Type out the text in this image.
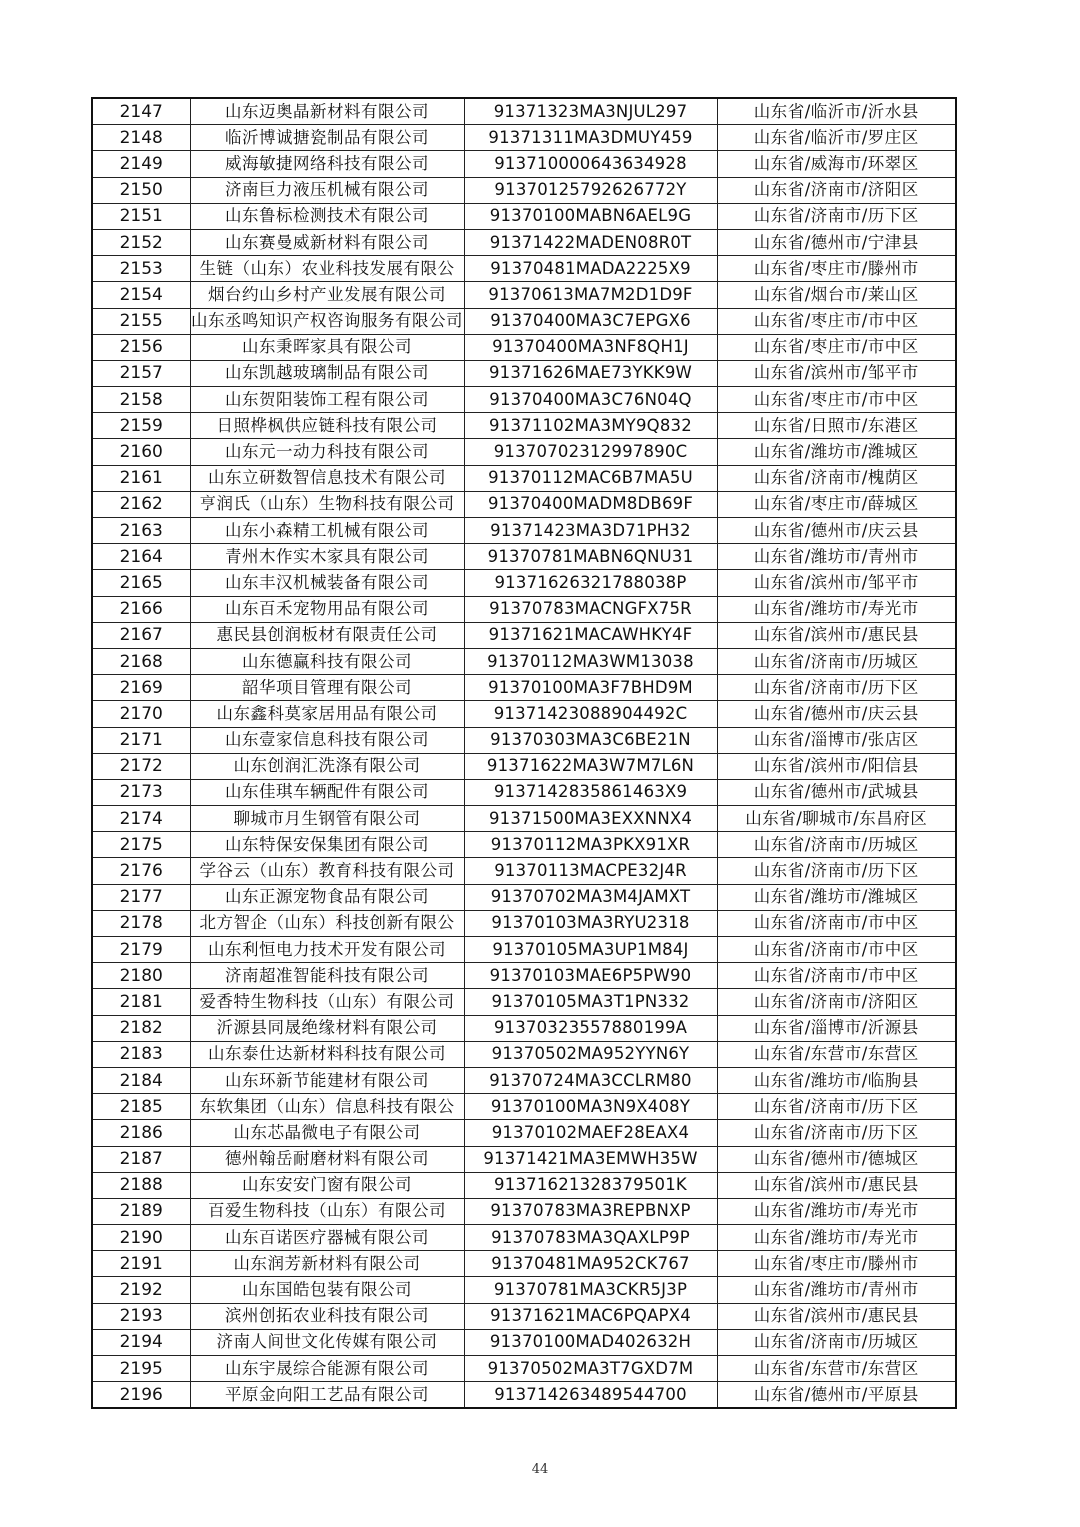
2147	山东迈奥晶新材料有限公司	91371323MA3NJUL297	山东省/临沂市/沂水县
2148	临沂博诚搪瓷制品有限公司	91371311MA3DMUY459	山东省/临沂市/罗庄区
2149	威海敏捷网络科技有限公司	913710000643634928	山东省/威海市/环翠区
2150	济南巨力液压机械有限公司	91370125792626772Y	山东省/济南市/济阳区
2151	山东鲁标检测技术有限公司	91370100MABN6AEL9G	山东省/济南市/历下区
2152	山东赛曼威新材料有限公司	91371422MADEN08R0T	山东省/德州市/宁津县
2153	生链（山东）农业科技发展有限公	91370481MADA2225X9	山东省/枣庄市/滕州市
2154	烟台约山乡村产业发展有限公司	91370613MA7M2D1D9F	山东省/烟台市/莱山区
2155	山东丞鸣知识产权咨询服务有限公司	91370400MA3C7EPGX6	山东省/枣庄市/市中区
2156	山东秉晖家具有限公司	91370400MA3NF8QH1J	山东省/枣庄市/市中区
2157	山东凯越玻璃制品有限公司	91371626MAE73YKK9W	山东省/滨州市/邹平市
2158	山东贺阳装饰工程有限公司	91370400MA3C76N04Q	山东省/枣庄市/市中区
2159	日照桦枫供应链科技有限公司	91371102MA3MY9Q832	山东省/日照市/东港区
2160	山东元一动力科技有限公司	91370702312997890C	山东省/潍坊市/潍城区
2161	山东立研数智信息技术有限公司	91370112MAC6B7MA5U	山东省/济南市/槐荫区
2162	亨润氏（山东）生物科技有限公司	91370400MADM8DB69F	山东省/枣庄市/薛城区
2163	山东小森精工机械有限公司	91371423MA3D71PH32	山东省/德州市/庆云县
2164	青州木作实木家具有限公司	91370781MABN6QNU31	山东省/潍坊市/青州市
2165	山东丰汉机械装备有限公司	91371626321788038P	山东省/滨州市/邹平市
2166	山东百禾宠物用品有限公司	91370783MACNGFX75R	山东省/潍坊市/寿光市
2167	惠民县创润板材有限责任公司	91371621MACAWHKY4F	山东省/滨州市/惠民县
2168	山东德赢科技有限公司	91370112MA3WM13038	山东省/济南市/历城区
2169	韶华项目管理有限公司	91370100MA3F7BHD9M	山东省/济南市/历下区
2170	山东鑫科莫家居用品有限公司	91371423088904492C	山东省/德州市/庆云县
2171	山东壹家信息科技有限公司	91370303MA3C6BE21N	山东省/淄博市/张店区
2172	山东创润汇洗涤有限公司	91371622MA3W7M7L6N	山东省/滨州市/阳信县
2173	山东佳琪车辆配件有限公司	9137142835861463X9	山东省/德州市/武城县
2174	聊城市月生钢管有限公司	91371500MA3EXXNNX4	山东省/聊城市/东昌府区
2175	山东特保安保集团有限公司	91370112MA3PKX91XR	山东省/济南市/历城区
2176	学谷云（山东）教育科技有限公司	91370113MACPE32J4R	山东省/济南市/历下区
2177	山东正源宠物食品有限公司	91370702MA3M4JAMXT	山东省/潍坊市/潍城区
2178	北方智企（山东）科技创新有限公	91370103MA3RYU2318	山东省/济南市/市中区
2179	山东利恒电力技术开发有限公司	91370105MA3UP1M84J	山东省/济南市/市中区
2180	济南超准智能科技有限公司	91370103MAE6P5PW90	山东省/济南市/市中区
2181	爱香特生物科技（山东）有限公司	91370105MA3T1PN332	山东省/济南市/济阳区
2182	沂源县同晟绝缘材料有限公司	91370323557880199A	山东省/淄博市/沂源县
2183	山东泰仕达新材料科技有限公司	91370502MA952YYN6Y	山东省/东营市/东营区
2184	山东环新节能建材有限公司	91370724MA3CCLRM80	山东省/潍坊市/临朐县
2185	东软集团（山东）信息科技有限公	91370100MA3N9X408Y	山东省/济南市/历下区
2186	山东芯晶微电子有限公司	91370102MAEF28EAX4	山东省/济南市/历下区
2187	德州翰岳耐磨材料有限公司	91371421MA3EMWH35W	山东省/德州市/德城区
2188	山东安安门窗有限公司	91371621328379501K	山东省/滨州市/惠民县
2189	百爱生物科技（山东）有限公司	91370783MA3REPBNXP	山东省/潍坊市/寿光市
2190	山东百诺医疗器械有限公司	91370783MA3QAXLP9P	山东省/潍坊市/寿光市
2191	山东润芳新材料有限公司	91370481MA952CK767	山东省/枣庄市/滕州市
2192	山东国皓包装有限公司	91370781MA3CKR5J3P	山东省/潍坊市/青州市
2193	滨州创拓农业科技有限公司	91371621MAC6PQAPX4	山东省/滨州市/惠民县
2194	济南人间世文化传媒有限公司	91370100MAD402632H	山东省/济南市/历城区
2195	山东宇晟综合能源有限公司	91370502MA3T7GXD7M	山东省/东营市/东营区
2196	平原金向阳工艺品有限公司	913714263489544700	山东省/德州市/平原县
44
